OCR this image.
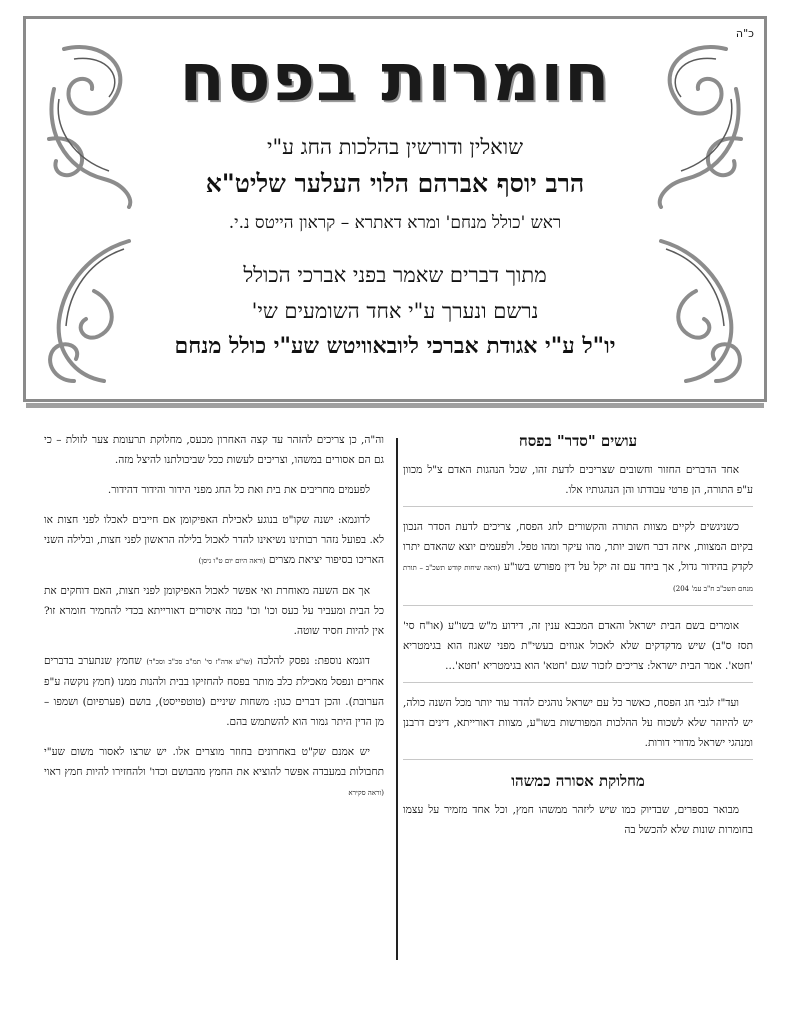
כ"ה
חומרות בפסח
שואלין ודורשין בהלכות החג ע"י
הרב יוסף אברהם הלוי העלער שליט"א
ראש 'כולל מנחם' ומרא דאתרא – קראון הייטס נ.י.
מתוך דברים שאמר בפני אברכי הכולל
נרשם ונערך ע"י אחד השומעים שי'
יו"ל ע"י אגודת אברכי ליובאוויטש שע"י כולל מנחם
עושים "סדר" בפסח

אחד הדברים החזור וחשובים שצריכים לדעת זהו, שכל הנהגות האדם צ"ל מכוון ע"פ התורה, הן פרטי עבודתו והן הנהגותיו אלו.

כשניגשים לקיים מצוות התורה והקשורים לחג הפסח, צריכים לדעת הסדר הנכון בקיום המצוות, איזה דבר חשוב יותר, מהו עיקר ומהו טפל. ולפעמים יוצא שהאדם יתרו לקדק בהידור גדול, אך ביחד עם זה יקל על דין מפורש בשו"ע (וראה שיחות קודש תשכ"ב – תורת מנחם תשכ"ב ח"ב עמ' 204)

אומרים בשם הבית ישראל והאדם המכבא ענין זה, דידוע מ"ש בשו"ע (או"ח סי' תסז ס"ב) שיש מדקדקים שלא לאכול אגוזים בעשי"ת מפני שאגוז הוא בגימטריא 'חטא'. אמר הבית ישראל: צריכים לזכור שגם 'חטא' הוא בגימטריא 'חטא'...

ועד"ז לגבי חג הפסח, כאשר כל עם ישראל נוהגים להדר עוד יותר מכל השנה כולה, יש להיזהר שלא לשכוח על ההלכות המפורשות בשו"ע, מצוות דאורייתא, דינים דרבנן ומנהגי ישראל מדורי דורות.

מחלוקת אסורה כמשהו

מבואר בספרים, שבדיוק כמו שיש ליזהר ממשהו חמץ, וכל אחד מזמיר על עצמו בחומרות שונות שלא להכשל בה

וה"ה, כן צריכים להזהר עד קצה האחרון מכעס, מחלוקת תרעומת צער לזולת – כי גם הם אסורים במשהו, וצריכים לעשות ככל שביכולתנו להיצל מזה.

לפעמים מחריבים את בית ואת כל החג מפני הידור והידור דהידור.

לדוגמא: ישנה שקו"ט בנוגע לאכילת האפיקומן אם חייבים לאכלו לפני חצות או לא. בפועל נזהר רבותינו נשיאינו להדר לאכול בלילה הראשון לפני חצות, ובלילה השני האריכו בסיפור יציאת מצרים (וראה היום יום ט"ו ניסן)

אך אם השעה מאוחרת ואי אפשר לאכול האפיקומן לפני חצות, האם דוחקים את כל הבית ומעביר על כעס וכו' וכו' כמה איסורים דאורייתא בכדי להחמיר חומרא זו? אין להיות חסיד שוטה.

דוגמא נוספת: נפסק להלכה (שו"ע אדה"ז סי' תמ"ב סכ"ב וסכ"ד) שחמץ שנתערב בדברים אחרים ונפסל מאכילת כלב מותר בפסח להחזיקו בבית ולהנות ממנו (חמץ נוקשה ע"פ הערובת). והכן דברים כגון: משחות שיניים (טוטפייסט), בושם (פערפיום) ושמפו – מן הדין היתר גמור הוא להשתמש בהם.

יש אמנם שק"ט באחרונים בחוזר מוצרים אלו. יש שרצו לאסור משום שע"י תחבולות במעבדה אפשר להוציא את החמץ מהבושם וכדו' ולהחזירו להיות חמץ ראוי (וראה סקירא
